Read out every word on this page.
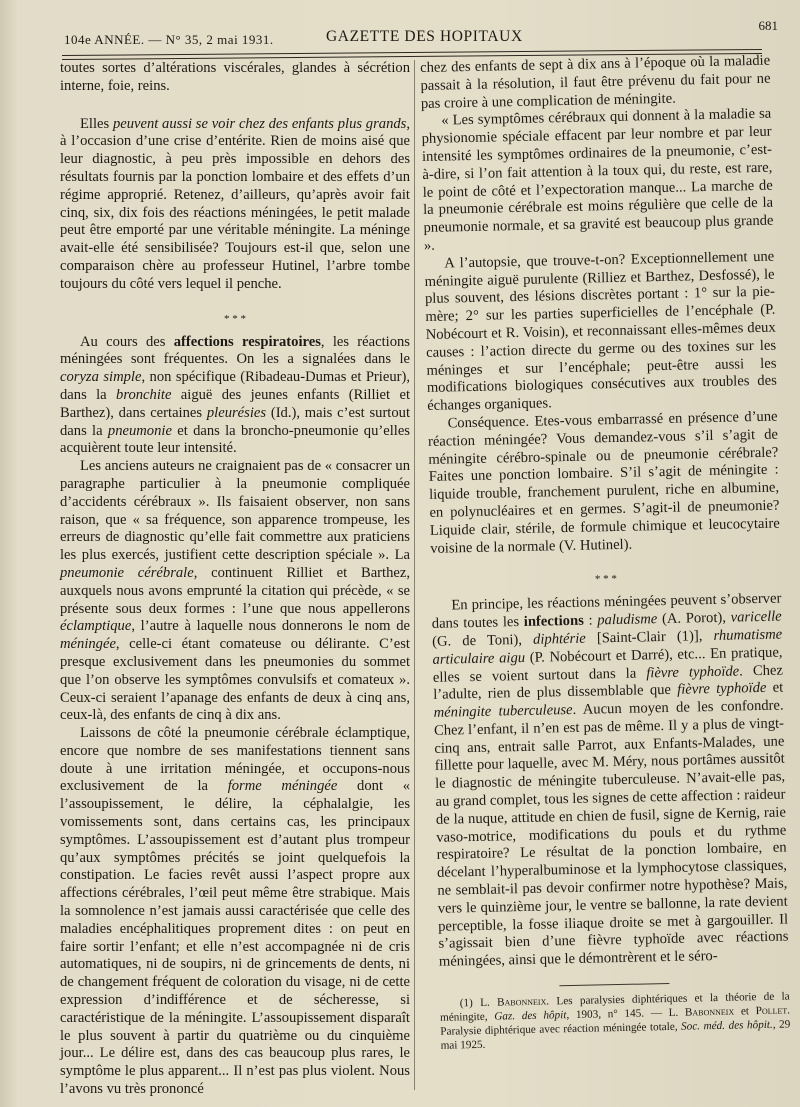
104e ANNÉE. — N° 35, 2 mai 1931.	GAZETTE DES HOPITAUX
681

toutes sortes d’altérations viscérales, glandes à sécrétion interne, foie, reins.

Elles peuvent aussi se voir chez des enfants plus grands, à l’occasion d’une crise d’entérite. Rien de moins aisé que leur diagnostic, à peu près impossible en dehors des résultats fournis par la ponction lombaire et des effets d’un régime approprié. Retenez, d’ailleurs, qu’après avoir fait cinq, six, dix fois des réactions méningées, le petit malade peut être emporté par une véritable méningite. La méninge avait-elle été sensibilisée? Toujours est-il que, selon une comparaison chère au professeur Hutinel, l’arbre tombe toujours du côté vers lequel il penche.

* * *

Au cours des affections respiratoires, les réactions méningées sont fréquentes. On les a signalées dans le coryza simple, non spécifique (Ribadeau-Dumas et Prieur), dans la bronchite aiguë des jeunes enfants (Rilliet et Barthez), dans certaines pleurésies (Id.), mais c’est surtout dans la pneumonie et dans la broncho-pneumonie qu’elles acquièrent toute leur intensité.

Les anciens auteurs ne craignaient pas de « consacrer un paragraphe particulier à la pneumonie compliquée d’accidents cérébraux ». Ils faisaient observer, non sans raison, que « sa fréquence, son apparence trompeuse, les erreurs de diagnostic qu’elle fait commettre aux praticiens les plus exercés, justifient cette description spéciale ». La pneumonie cérébrale, continuent Rilliet et Barthez, auxquels nous avons emprunté la citation qui précède, « se présente sous deux formes : l’une que nous appellerons éclamptique, l’autre à laquelle nous donnerons le nom de méningée, celle-ci étant comateuse ou délirante. C’est presque exclusivement dans les pneumonies du sommet que l’on observe les symptômes convulsifs et comateux ». Ceux-ci seraient l’apanage des enfants de deux à cinq ans, ceux-là, des enfants de cinq à dix ans.

Laissons de côté la pneumonie cérébrale éclamptique, encore que nombre de ses manifestations tiennent sans doute à une irritation méningée, et occupons-nous exclusivement de la forme méningée dont « l’assoupissement, le délire, la céphalalgie, les vomissements sont, dans certains cas, les principaux symptômes. L’assoupissement est d’autant plus trompeur qu’aux symptômes précités se joint quelquefois la constipation. Le facies revêt aussi l’aspect propre aux affections cérébrales, l’œil peut même être strabique. Mais la somnolence n’est jamais aussi caractérisée que celle des maladies encéphalitiques proprement dites : on peut en faire sortir l’enfant; et elle n’est accompagnée ni de cris automatiques, ni de soupirs, ni de grincements de dents, ni de changement fréquent de coloration du visage, ni de cette expression d’indifférence et de sécheresse, si caractéristique de la méningite. L’assoupissement disparaît le plus souvent à partir du quatrième ou du cinquième jour... Le délire est, dans des cas beaucoup plus rares, le symptôme le plus apparent... Il n’est pas plus violent. Nous l’avons vu très prononcé

chez des enfants de sept à dix ans à l’époque où la maladie passait à la résolution, il faut être prévenu du fait pour ne pas croire à une complication de méningite.

« Les symptômes cérébraux qui donnent à la maladie sa physionomie spéciale effacent par leur nombre et par leur intensité les symptômes ordinaires de la pneumonie, c’est-à-dire, si l’on fait attention à la toux qui, du reste, est rare, le point de côté et l’expectoration manque... La marche de la pneumonie cérébrale est moins régulière que celle de la pneumonie normale, et sa gravité est beaucoup plus grande ».

A l’autopsie, que trouve-t-on? Exceptionnellement une méningite aiguë purulente (Rilliez et Barthez, Desfossé), le plus souvent, des lésions discrètes portant : 1° sur la pie-mère; 2° sur les parties superficielles de l’encéphale (P. Nobécourt et R. Voisin), et reconnaissant elles-mêmes deux causes : l’action directe du germe ou des toxines sur les méninges et sur l’encéphale; peut-être aussi les modifications biologiques consécutives aux troubles des échanges organiques.

Conséquence. Etes-vous embarrassé en présence d’une réaction méningée? Vous demandez-vous s’il s’agit de méningite cérébro-spinale ou de pneumonie cérébrale? Faites une ponction lombaire. S’il s’agit de méningite : liquide trouble, franchement purulent, riche en albumine, en polynucléaires et en germes. S’agit-il de pneumonie? Liquide clair, stérile, de formule chimique et leucocytaire voisine de la normale (V. Hutinel).

* * *

En principe, les réactions méningées peuvent s’observer dans toutes les infections : paludisme (A. Porot), varicelle (G. de Toni), diphtérie [Saint-Clair (1)], rhumatisme articulaire aigu (P. Nobécourt et Darré), etc... En pratique, elles se voient surtout dans la fièvre typhoïde. Chez l’adulte, rien de plus dissemblable que fièvre typhoïde et méningite tuberculeuse. Aucun moyen de les confondre. Chez l’enfant, il n’en est pas de même. Il y a plus de vingt-cinq ans, entrait salle Parrot, aux Enfants-Malades, une fillette pour laquelle, avec M. Méry, nous portâmes aussitôt le diagnostic de méningite tuberculeuse. N’avait-elle pas, au grand complet, tous les signes de cette affection : raideur de la nuque, attitude en chien de fusil, signe de Kernig, raie vaso-motrice, modifications du pouls et du rythme respiratoire? Le résultat de la ponction lombaire, en décelant l’hyperalbuminose et la lymphocytose classiques, ne semblait-il pas devoir confirmer notre hypothèse? Mais, vers le quinzième jour, le ventre se ballonne, la rate devient perceptible, la fosse iliaque droite se met à gargouiller. Il s’agissait bien d’une fièvre typhoïde avec réactions méningées, ainsi que le démontrèrent et le séro-

(1) L. Babonneix. Les paralysies diphtériques et la théorie de la méningite, Gaz. des hôpit, 1903, n° 145. — L. Babonneix et Pollet. Paralysie diphtérique avec réaction méningée totale, Soc. méd. des hôpit., 29 mai 1925.
